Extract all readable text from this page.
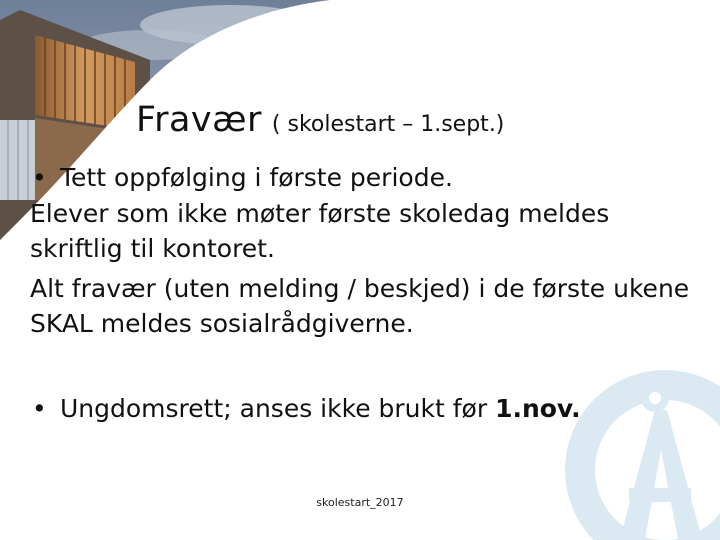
Fravær ( skolestart – 1.sept.)
• Tett oppfølging i første periode.
Elever som ikke møter første skoledag meldes skriftlig til kontoret.
Alt fravær (uten melding / beskjed) i de første ukene SKAL meldes sosialrådgiverne.
• Ungdomsrett; anses ikke brukt før 1.nov.
skolestart_2017
